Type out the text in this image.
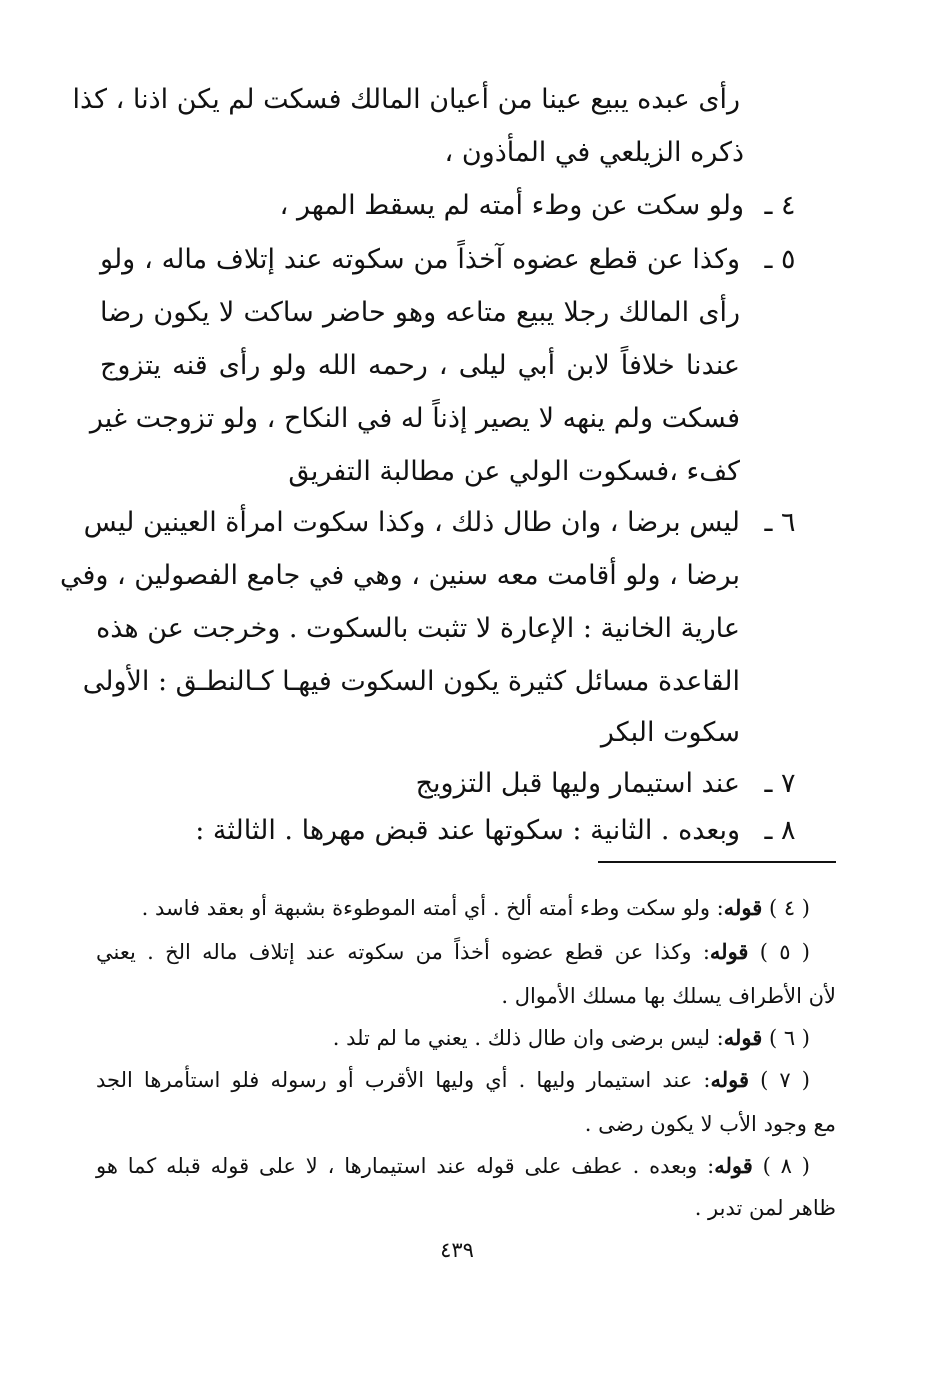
رأى عبده يبيع عينا من أعيان المالك فسكت لم يكن اذنا ، كذا
ذكره الزيلعي في المأذون ،
٤ ـ
ولو سكت عن وطء أمته لم يسقط المهر ،
٥ ـ
وكذا عن قطع عضوه آخذاً من سكوته عند إتلاف ماله ، ولو
رأى المالك رجلا يبيع متاعه وهو حاضر ساكت لا يكون رضا
عندنا خلافاً لابن أبي ليلى ، رحمه الله ولو رأى قنه يتزوج
فسكت ولم ينهه لا يصير إذناً له في النكاح ، ولو تزوجت غير
كفء ،فسكوت الولي عن مطالبة التفريق
٦ ـ
ليس برضا ، وان طال ذلك ، وكذا سكوت امرأة العينين ليس
برضا ، ولو أقامت معه سنين ، وهي في جامع الفصولين ، وفي
عارية الخانية : الإعارة لا تثبت بالسكوت . وخرجت عن هذه
القاعدة مسائل كثيرة يكون السكوت فيهـا كـالنطـق : الأولى
سكوت البكر
٧ ـ
عند استيمار وليها قبل التزويج
٨ ـ
وبعده . الثانية : سكوتها عند قبض مهرها . الثالثة :
( ٤ ) قوله: ولو سكت وطء أمته ألخ . أي أمته الموطوءة بشبهة أو بعقد فاسد .
( ٥ ) قوله: وكذا عن قطع عضوه أخذاً من سكوته عند إتلاف ماله الخ . يعني
لأن الأطراف يسلك بها مسلك الأموال .
( ٦ ) قوله: ليس برضى وان طال ذلك . يعني ما لم تلد .
( ٧ ) قوله: عند استيمار وليها . أي وليها الأقرب أو رسوله فلو استأمرها الجد
مع وجود الأب لا يكون رضى .
( ٨ ) قوله: وبعده . عطف على قوله عند استيمارها ، لا على قوله قبله كما هو
ظاهر لمن تدبر .
٤٣٩
